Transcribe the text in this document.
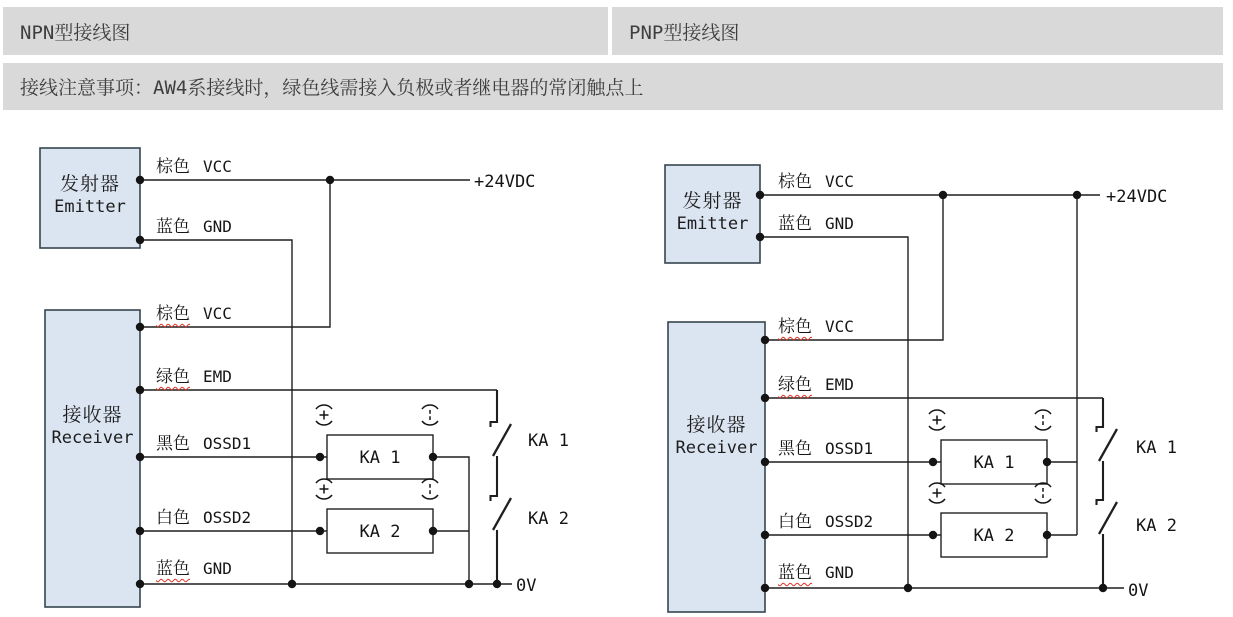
NPN型接线图	PNP型接线图
接线注意事项：AW4系接线时，绿色线需接入负极或者继电器的常闭触点上
KA 1
KA 2
KA 1
KA 2
+24VDC
0V
KA 1
KA 2
KA 1
KA 2
+24VDC
0V
发射器
Emitter
接收器
Receiver
发射器
Emitter
接收器
Receiver
棕色 VCC
蓝色 GND
棕色 VCC
绿色 EMD
黑色 OSSD1
白色 OSSD2
蓝色 GND
棕色 VCC
蓝色 GND
棕色 VCC
绿色 EMD
黑色 OSSD1
白色 OSSD2
蓝色 GND
